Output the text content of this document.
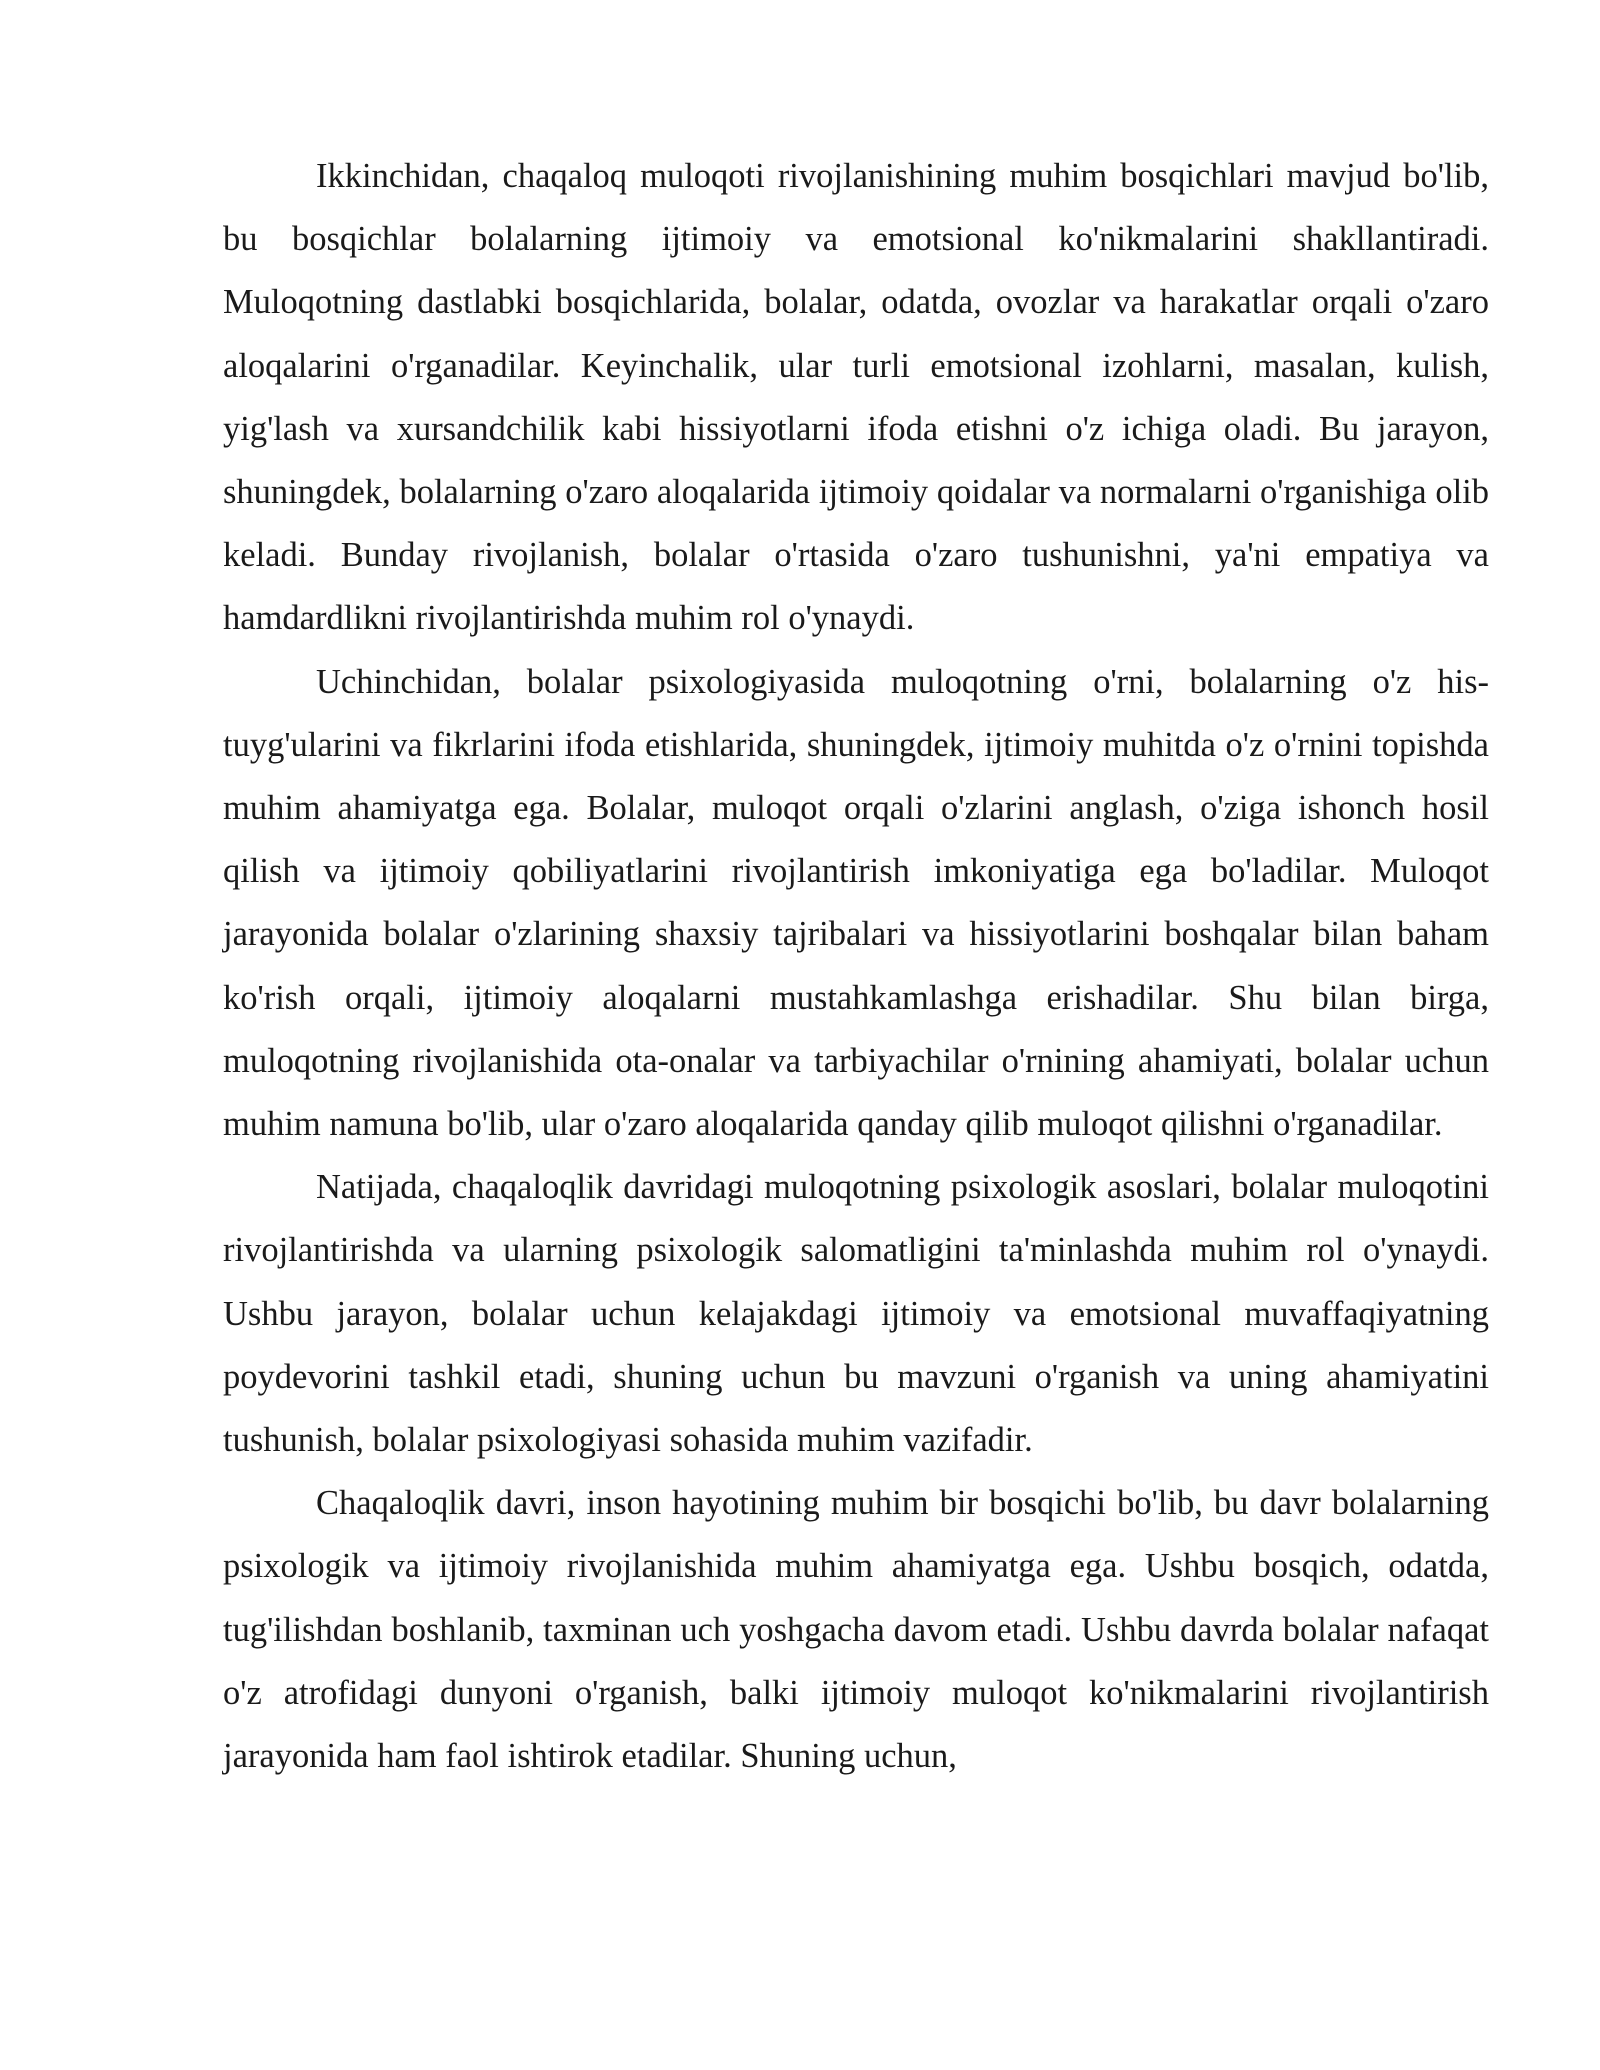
Ikkinchidan, chaqaloq muloqoti rivojlanishining muhim bosqichlari mavjud bo'lib, bu bosqichlar bolalarning ijtimoiy va emotsional ko'nikmalarini shakllantiradi. Muloqotning dastlabki bosqichlarida, bolalar, odatda, ovozlar va harakatlar orqali o'zaro aloqalarini o'rganadilar. Keyinchalik, ular turli emotsional izohlarni, masalan, kulish, yig'lash va xursandchilik kabi hissiyotlarni ifoda etishni o'z ichiga oladi. Bu jarayon, shuningdek, bolalarning o'zaro aloqalarida ijtimoiy qoidalar va normalarni o'rganishiga olib keladi. Bunday rivojlanish, bolalar o'rtasida o'zaro tushunishni, ya'ni empatiya va hamdardlikni rivojlantirishda muhim rol o'ynaydi.

Uchinchidan, bolalar psixologiyasida muloqotning o'rni, bolalarning o'z his-tuyg'ularini va fikrlarini ifoda etishlarida, shuningdek, ijtimoiy muhitda o'z o'rnini topishda muhim ahamiyatga ega. Bolalar, muloqot orqali o'zlarini anglash, o'ziga ishonch hosil qilish va ijtimoiy qobiliyatlarini rivojlantirish imkoniyatiga ega bo'ladilar. Muloqot jarayonida bolalar o'zlarining shaxsiy tajribalari va hissiyotlarini boshqalar bilan baham ko'rish orqali, ijtimoiy aloqalarni mustahkamlashga erishadilar. Shu bilan birga, muloqotning rivojlanishida ota-onalar va tarbiyachilar o'rnining ahamiyati, bolalar uchun muhim namuna bo'lib, ular o'zaro aloqalarida qanday qilib muloqot qilishni o'rganadilar.

Natijada, chaqaloqlik davridagi muloqotning psixologik asoslari, bolalar muloqotini rivojlantirishda va ularning psixologik salomatligini ta'minlashda muhim rol o'ynaydi. Ushbu jarayon, bolalar uchun kelajakdagi ijtimoiy va emotsional muvaffaqiyatning poydevorini tashkil etadi, shuning uchun bu mavzuni o'rganish va uning ahamiyatini tushunish, bolalar psixologiyasi sohasida muhim vazifadir.

Chaqaloqlik davri, inson hayotining muhim bir bosqichi bo'lib, bu davr bolalarning psixologik va ijtimoiy rivojlanishida muhim ahamiyatga ega. Ushbu bosqich, odatda, tug'ilishdan boshlanib, taxminan uch yoshgacha davom etadi. Ushbu davrda bolalar nafaqat o'z atrofidagi dunyoni o'rganish, balki ijtimoiy muloqot ko'nikmalarini rivojlantirish jarayonida ham faol ishtirok etadilar. Shuning uchun,
